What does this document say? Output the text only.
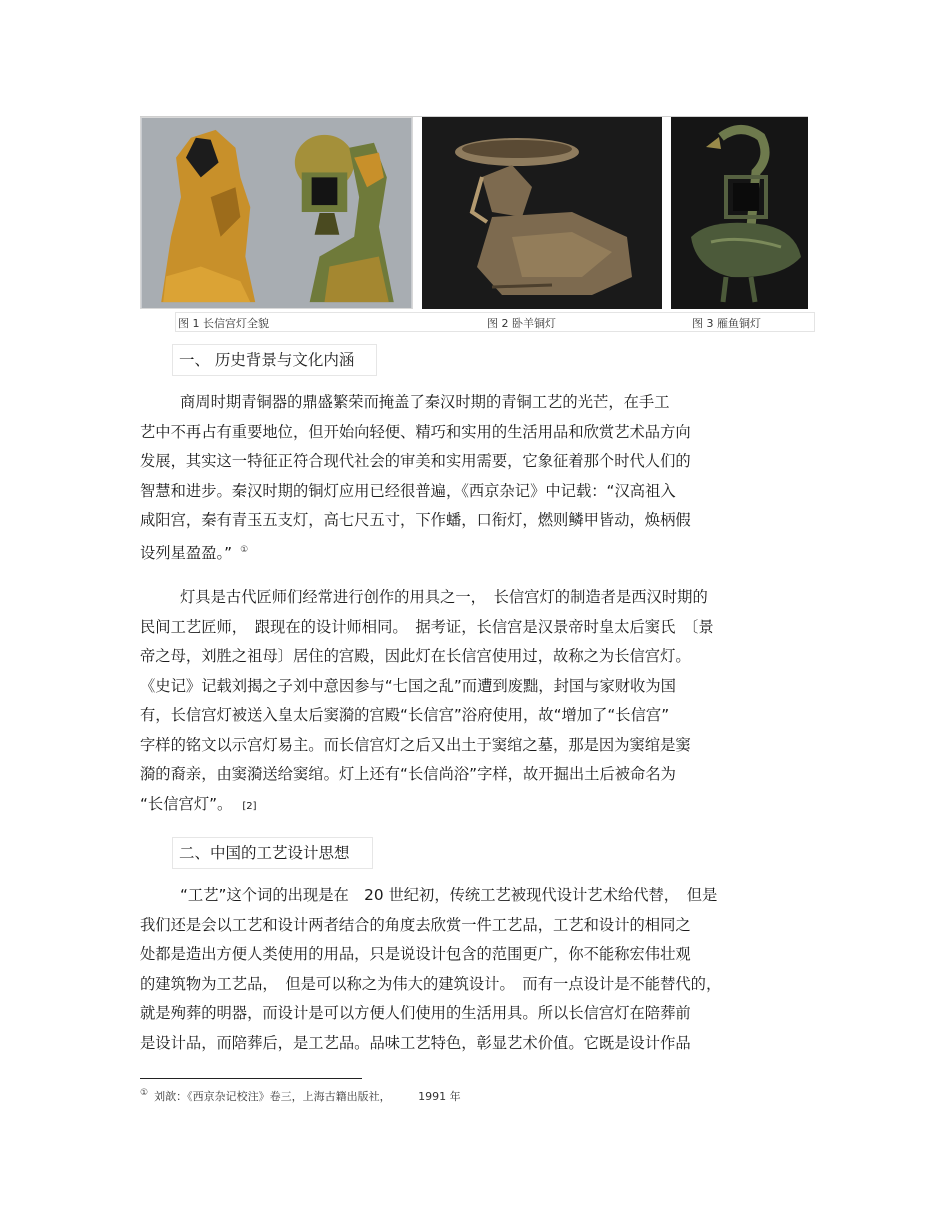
图 1 长信宫灯全貌	图 2 卧羊铜灯	图 3 雁鱼铜灯
一、 历史背景与文化内涵
商周时期青铜器的鼎盛繁荣而掩盖了秦汉时期的青铜工艺的光芒，在手工
艺中不再占有重要地位，但开始向轻便、精巧和实用的生活用品和欣赏艺术品方向
发展，其实这一特征正符合现代社会的审美和实用需要，它象征着那个时代人们的
智慧和进步。秦汉时期的铜灯应用已经很普遍，《西京杂记》中记载：“汉高祖入
咸阳宫，秦有青玉五支灯，高七尺五寸，下作蟠，口衔灯，燃则鳞甲皆动，焕柄假
设列星盈盈。” ①
灯具是古代匠师们经常进行创作的用具之一，　长信宫灯的制造者是西汉时期的
民间工艺匠师，　跟现在的设计师相同。　据考证，长信宫是汉景帝时皇太后窦氏　〔景
帝之母，刘胜之祖母〕居住的宫殿，因此灯在长信宫使用过，故称之为长信宫灯。
《史记》记载刘揭之子刘中意因参与“七国之乱”而遭到废黜，封国与家财收为国
有，长信宫灯被送入皇太后窦漪的宫殿“长信宫”浴府使用，故“增加了“长信宫”
字样的铭文以示宫灯易主。而长信宫灯之后又出土于窦绾之墓，那是因为窦绾是窦
漪的裔亲，由窦漪送给窦绾。灯上还有“长信尚浴”字样，故开掘出土后被命名为
“长信宫灯”。 [2]
二、中国的工艺设计思想
“工艺”这个词的出现是在　20 世纪初，传统工艺被现代设计艺术给代替，　但是
我们还是会以工艺和设计两者结合的角度去欣赏一件工艺品，工艺和设计的相同之
处都是造出方便人类使用的用品，只是说设计包含的范围更广，你不能称宏伟壮观
的建筑物为工艺品，　但是可以称之为伟大的建筑设计。　而有一点设计是不能替代的，
就是殉葬的明器，而设计是可以方便人们使用的生活用具。所以长信宫灯在陪葬前
是设计品，而陪葬后，是工艺品。品味工艺特色，彰显艺术价值。它既是设计作品
① 刘歆：《西京杂记校注》卷三，上海古籍出版社，　　　1991 年
